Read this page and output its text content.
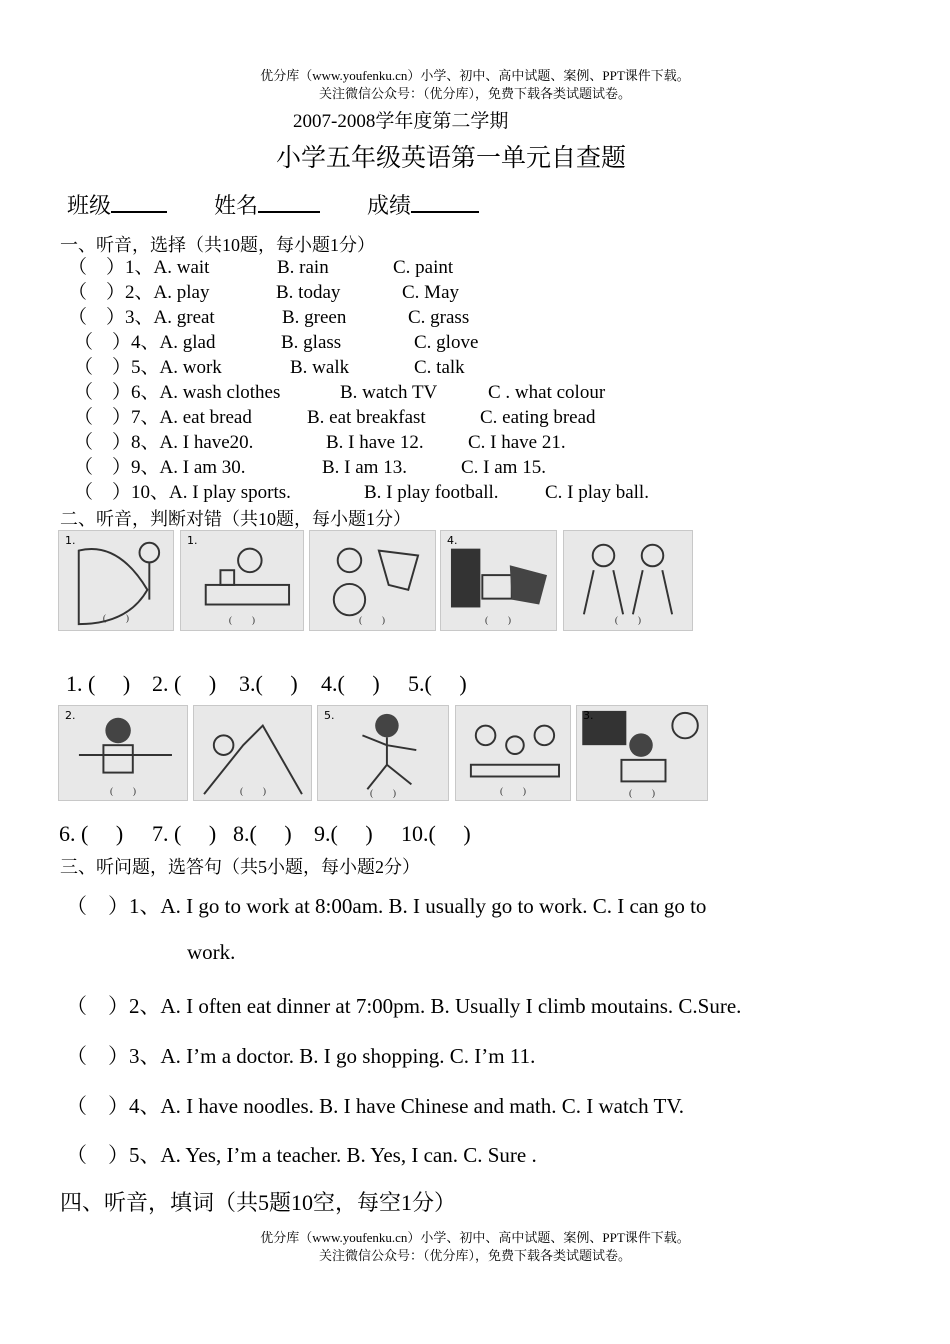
优分库（www.youfenku.cn）小学、初中、高中试题、案例、PPT课件下载。
关注微信公众号：（优分库），免费下载各类试题试卷。
2007-2008学年度第二学期
小学五年级英语第一单元自查题
班级	姓名	成绩
一、听音，选择（共10题，每小题1分）
（　）1、A. wait	B. rain	C. paint
（　）2、A. play	B. today	C. May
（　）3、A. great	B. green	C. grass
（　）4、A. glad	B. glass	C. glove
（　）5、A. work	B. walk	C. talk
（　）6、A. wash clothes	B. watch TV	C . what colour
（　）7、A. eat bread	B. eat breakfast	C. eating bread
（　）8、A. I have20.	B. I have 12. C. I have 21.
（　）9、A. I am 30.	B. I am 13.	C. I am 15.
（　）10、A. I play sports.	B. I play football. C. I play ball.
二、听音，判断对错（共10题，每小题1分）
1.
(　　)
1.
(　　)	(　　)
4.
(　　)	(　　)
1. (　 ) 2. (　 ) 3.(　 ) 4.(　 ) 5.(　 )
2.
(　　)	(　　)
5.
(　　)	(　　)
3.
(　　)
6. (　 ) 7. (　 ) 8.(　 ) 9.(　 ) 10.(　 )
三、听问题，选答句（共5小题，每小题2分）
（　）1、A. I go to work at 8:00am. B. I usually go to work. C. I can go to
work.
（　）2、A. I often eat dinner at 7:00pm. B. Usually I climb moutains. C.Sure.
（　）3、A. I’m a doctor. B. I go shopping. C. I’m 11.
（　）4、A. I have noodles. B. I have Chinese and math. C. I watch TV.
（　）5、A. Yes, I’m a teacher. B. Yes, I can. C. Sure .
四、听音，填词（共5题10空，每空1分）
优分库（www.youfenku.cn）小学、初中、高中试题、案例、PPT课件下载。
关注微信公众号：（优分库），免费下载各类试题试卷。
